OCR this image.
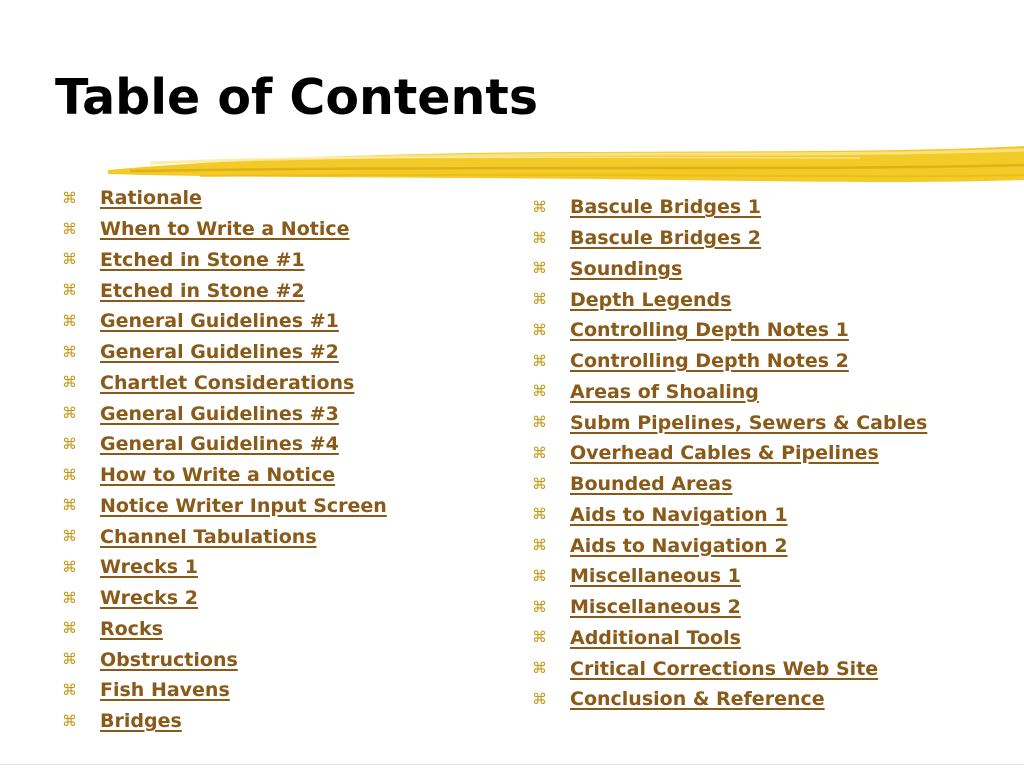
Table of Contents
⌘	Rationale
⌘	When to Write a Notice
⌘	Etched in Stone #1
⌘	Etched in Stone #2
⌘	General Guidelines #1
⌘	General Guidelines #2
⌘	Chartlet Considerations
⌘	General Guidelines #3
⌘	General Guidelines #4
⌘	How to Write a Notice
⌘	Notice Writer Input Screen
⌘	Channel Tabulations
⌘	Wrecks 1
⌘	Wrecks 2
⌘	Rocks
⌘	Obstructions
⌘	Fish Havens
⌘	Bridges
⌘	Bascule Bridges 1
⌘	Bascule Bridges 2
⌘	Soundings
⌘	Depth Legends
⌘	Controlling Depth Notes 1
⌘	Controlling Depth Notes 2
⌘	Areas of Shoaling
⌘	Subm Pipelines, Sewers & Cables
⌘	Overhead Cables & Pipelines
⌘	Bounded Areas
⌘	Aids to Navigation 1
⌘	Aids to Navigation 2
⌘	Miscellaneous 1
⌘	Miscellaneous 2
⌘	Additional Tools
⌘	Critical Corrections Web Site
⌘	Conclusion & Reference
